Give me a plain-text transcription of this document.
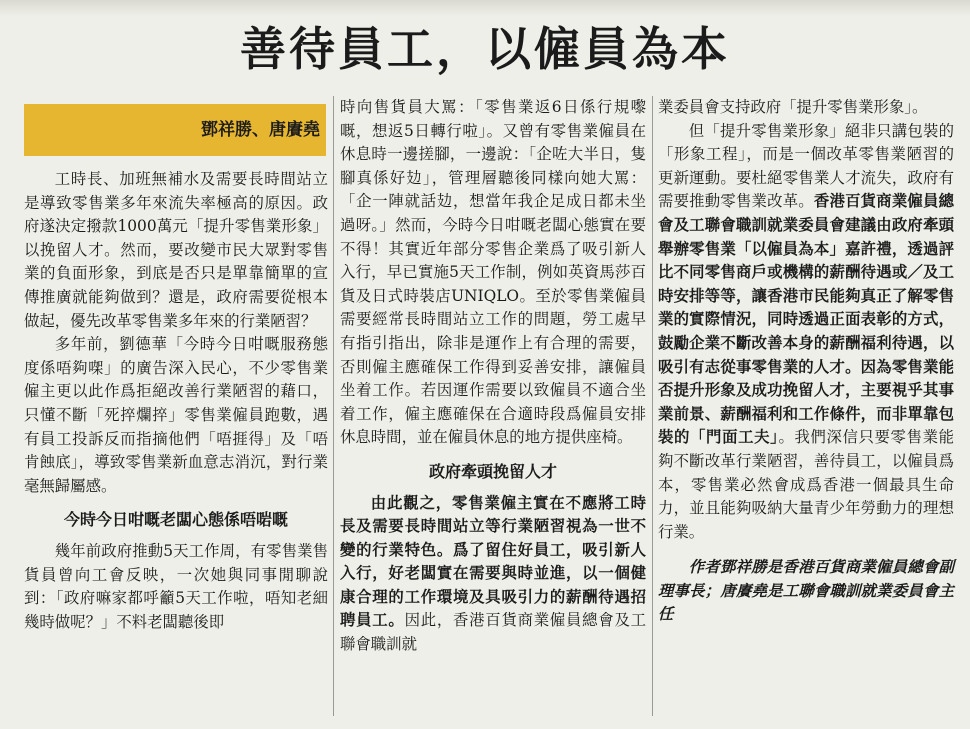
善待員工，以僱員為本
鄧祥勝、唐賡堯

工時長、加班無補水及需要長時間站立是導致零售業多年來流失率極高的原因。政府遂決定撥款1000萬元「提升零售業形象」以挽留人才。然而，要改變市民大眾對零售業的負面形象，到底是否只是單靠簡單的宣傳推廣就能夠做到？還是，政府需要從根本做起，優先改革零售業多年來的行業陋習？

多年前，劉德華「今時今日咁嘅服務態度係唔夠㗎」的廣告深入民心，不少零售業僱主更以此作爲拒絕改善行業陋習的藉口，只懂不斷「死捽爛捽」零售業僱員跑數，遇有員工投訴反而指摘他們「唔捱得」及「唔肯蝕底」，導致零售業新血意志消沉，對行業毫無歸屬感。

今時今日咁嘅老闆心態係唔啱嘅

幾年前政府推動5天工作周，有零售業售貨員曾向工會反映，一次她與同事閒聊說到：「政府嘛家都呼籲5天工作啦，唔知老細幾時做呢？」不料老闆聽後即

時向售貨員大罵：「零售業返6日係行規嚟嘅，想返5日轉行啦」。又曾有零售業僱員在休息時一邊搓腳，一邊說：「企咗大半日，隻腳真係好攰」，管理層聽後同樣向她大罵：「企一陣就話攰，想當年我企足成日都未坐過呀。」然而，今時今日咁嘅老闆心態實在要不得！其實近年部分零售企業爲了吸引新人入行，早已實施5天工作制，例如英資馬莎百貨及日式時裝店UNIQLO。至於零售業僱員需要經常長時間站立工作的問題，勞工處早有指引指出，除非是運作上有合理的需要，否則僱主應確保工作得到妥善安排，讓僱員坐着工作。若因運作需要以致僱員不適合坐着工作，僱主應確保在合適時段爲僱員安排休息時間，並在僱員休息的地方提供座椅。

政府牽頭挽留人才

由此觀之，零售業僱主實在不應將工時長及需要長時間站立等行業陋習視為一世不變的行業特色。爲了留住好員工，吸引新人入行，好老闆實在需要與時並進，以一個健康合理的工作環境及具吸引力的薪酬待遇招聘員工。因此，香港百貨商業僱員總會及工聯會職訓就

業委員會支持政府「提升零售業形象」。

但「提升零售業形象」絕非只講包裝的「形象工程」，而是一個改革零售業陋習的更新運動。要杜絕零售業人才流失，政府有需要推動零售業改革。香港百貨商業僱員總會及工聯會職訓就業委員會建議由政府牽頭舉辦零售業「以僱員為本」嘉許禮，透過評比不同零售商戶或機構的薪酬待遇或／及工時安排等等，讓香港市民能夠真正了解零售業的實際情況，同時透過正面表彰的方式，鼓勵企業不斷改善本身的薪酬福利待遇，以吸引有志從事零售業的人才。因為零售業能否提升形象及成功挽留人才，主要視乎其事業前景、薪酬福利和工作條件，而非單靠包裝的「門面工夫」。我們深信只要零售業能夠不斷改革行業陋習，善待員工，以僱員爲本，零售業必然會成爲香港一個最具生命力，並且能夠吸納大量青少年勞動力的理想行業。

作者鄧祥勝是香港百貨商業僱員總會副理事長；唐賡堯是工聯會職訓就業委員會主任
